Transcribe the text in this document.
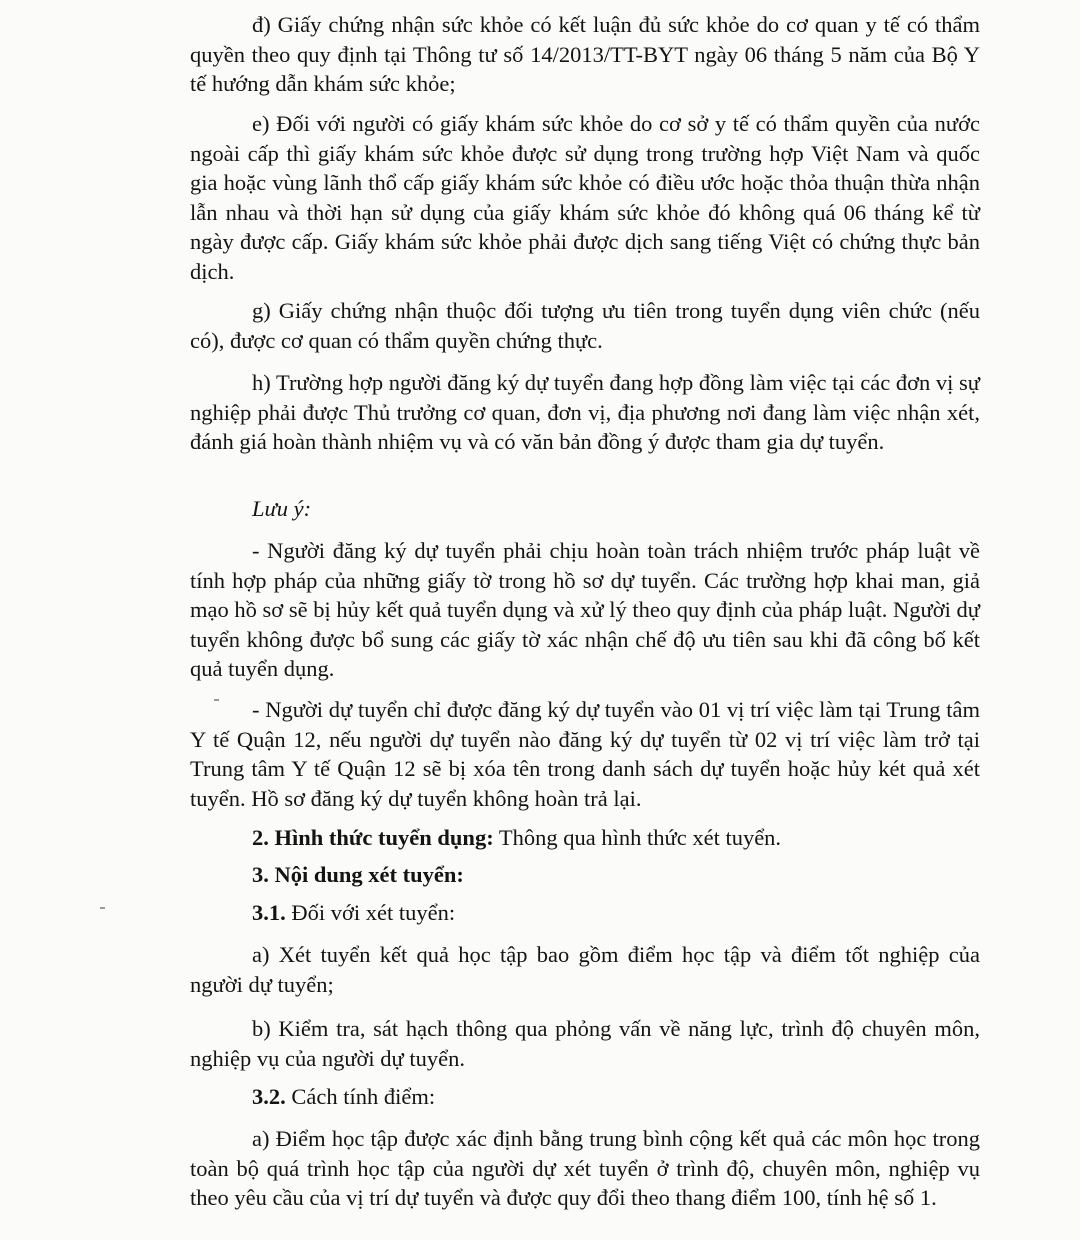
đ) Giấy chứng nhận sức khỏe có kết luận đủ sức khỏe do cơ quan y tế có thẩm quyền theo quy định tại Thông tư số 14/2013/TT-BYT ngày 06 tháng 5 năm của Bộ Y tế hướng dẫn khám sức khỏe;
e) Đối với người có giấy khám sức khỏe do cơ sở y tế có thẩm quyền của nước ngoài cấp thì giấy khám sức khỏe được sử dụng trong trường hợp Việt Nam và quốc gia hoặc vùng lãnh thổ cấp giấy khám sức khỏe có điều ước hoặc thỏa thuận thừa nhận lẫn nhau và thời hạn sử dụng của giấy khám sức khỏe đó không quá 06 tháng kể từ ngày được cấp. Giấy khám sức khỏe phải được dịch sang tiếng Việt có chứng thực bản dịch.
g) Giấy chứng nhận thuộc đối tượng ưu tiên trong tuyển dụng viên chức (nếu có), được cơ quan có thẩm quyền chứng thực.
h) Trường hợp người đăng ký dự tuyển đang hợp đồng làm việc tại các đơn vị sự nghiệp phải được Thủ trưởng cơ quan, đơn vị, địa phương nơi đang làm việc nhận xét, đánh giá hoàn thành nhiệm vụ và có văn bản đồng ý được tham gia dự tuyển.
Lưu ý:
- Người đăng ký dự tuyển phải chịu hoàn toàn trách nhiệm trước pháp luật về tính hợp pháp của những giấy tờ trong hồ sơ dự tuyển. Các trường hợp khai man, giả mạo hồ sơ sẽ bị hủy kết quả tuyển dụng và xử lý theo quy định của pháp luật. Người dự tuyển không được bổ sung các giấy tờ xác nhận chế độ ưu tiên sau khi đã công bố kết quả tuyển dụng.
- Người dự tuyển chỉ được đăng ký dự tuyển vào 01 vị trí việc làm tại Trung tâm Y tế Quận 12, nếu người dự tuyển nào đăng ký dự tuyển từ 02 vị trí việc làm trở tại Trung tâm Y tế Quận 12 sẽ bị xóa tên trong danh sách dự tuyển hoặc hủy két quả xét tuyển. Hồ sơ đăng ký dự tuyển không hoàn trả lại.
2. Hình thức tuyển dụng: Thông qua hình thức xét tuyển.
3. Nội dung xét tuyển:
3.1. Đối với xét tuyển:
a) Xét tuyển kết quả học tập bao gồm điểm học tập và điểm tốt nghiệp của người dự tuyển;
b) Kiểm tra, sát hạch thông qua phỏng vấn về năng lực, trình độ chuyên môn, nghiệp vụ của người dự tuyển.
3.2. Cách tính điểm:
a) Điểm học tập được xác định bằng trung bình cộng kết quả các môn học trong toàn bộ quá trình học tập của người dự xét tuyển ở trình độ, chuyên môn, nghiệp vụ theo yêu cầu của vị trí dự tuyển và được quy đổi theo thang điểm 100, tính hệ số 1.
